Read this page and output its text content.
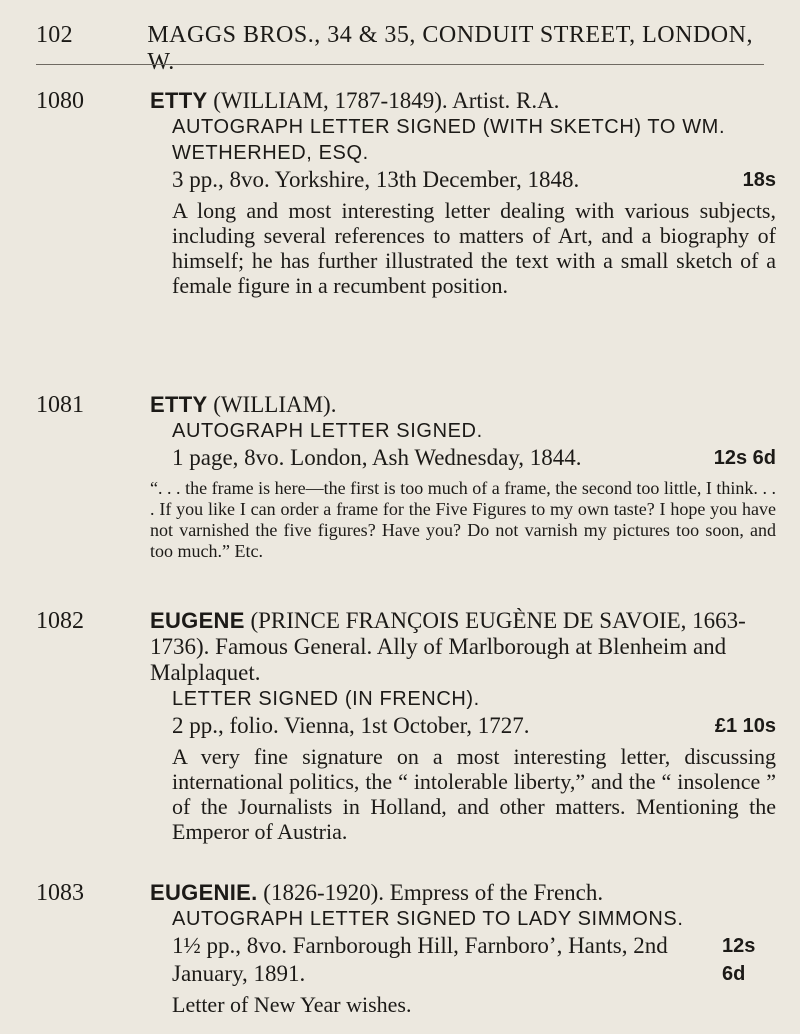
102	MAGGS BROS., 34 & 35, CONDUIT STREET, LONDON, W.
1080	ETTY (WILLIAM, 1787-1849). Artist. R.A.
AUTOGRAPH LETTER SIGNED (WITH SKETCH) TO WM. WETHERHED, ESQ.
3 pp., 8vo. Yorkshire, 13th December, 1848.	18s
A long and most interesting letter dealing with various subjects, including several references to matters of Art, and a biography of himself; he has further illustrated the text with a small sketch of a female figure in a recumbent position.
1081	ETTY (WILLIAM).
AUTOGRAPH LETTER SIGNED.
1 page, 8vo. London, Ash Wednesday, 1844.	12s 6d
“. . . the frame is here—the first is too much of a frame, the second too little, I think. . . . If you like I can order a frame for the Five Figures to my own taste? I hope you have not varnished the five figures? Have you? Do not varnish my pictures too soon, and too much.” Etc.
1082	EUGENE (PRINCE FRANÇOIS EUGÈNE DE SAVOIE, 1663-1736). Famous General. Ally of Marlborough at Blenheim and Malplaquet.
LETTER SIGNED (IN FRENCH).
2 pp., folio. Vienna, 1st October, 1727.	£1 10s
A very fine signature on a most interesting letter, discussing international politics, the “ intolerable liberty,” and the “ insolence ” of the Journalists in Holland, and other matters. Mentioning the Emperor of Austria.
1083	EUGENIE. (1826-1920). Empress of the French.
AUTOGRAPH LETTER SIGNED TO LADY SIMMONS.
1½ pp., 8vo. Farnborough Hill, Farnboro’, Hants, 2nd January, 1891.
12s 6d
Letter of New Year wishes.
